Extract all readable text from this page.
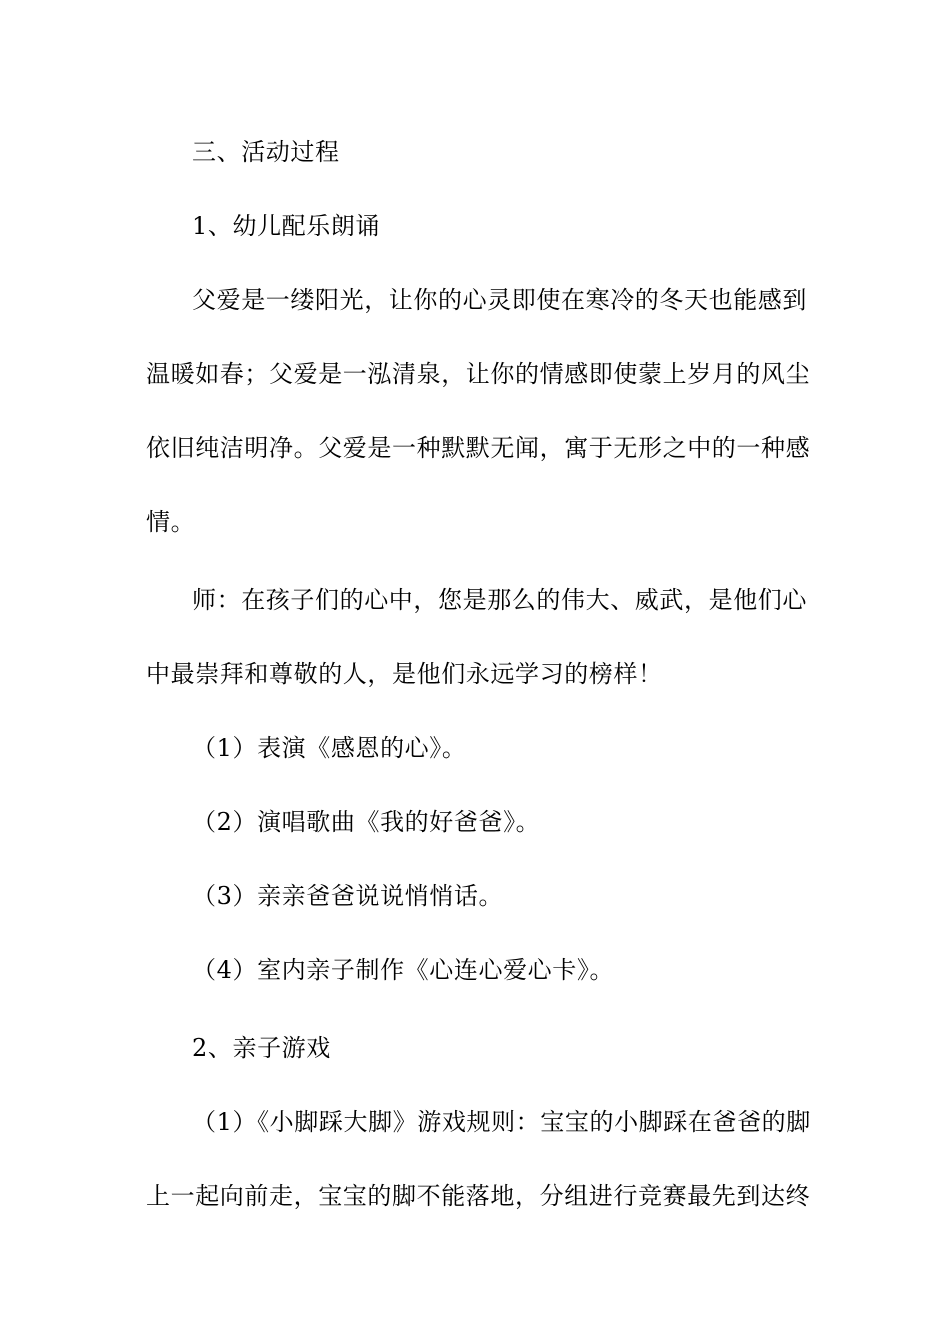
三、活动过程
1、幼儿配乐朗诵
父爱是一缕阳光，让你的心灵即使在寒冷的冬天也能感到
温暖如春；父爱是一泓清泉，让你的情感即使蒙上岁月的风尘
依旧纯洁明净。父爱是一种默默无闻，寓于无形之中的一种感
情。
师：在孩子们的心中，您是那么的伟大、威武，是他们心
中最崇拜和尊敬的人，是他们永远学习的榜样！
（1）表演《感恩的心》。
（2）演唱歌曲《我的好爸爸》。
（3）亲亲爸爸说说悄悄话。
（4）室内亲子制作《心连心爱心卡》。
2、亲子游戏
（1）《小脚踩大脚》游戏规则：宝宝的小脚踩在爸爸的脚
上一起向前走，宝宝的脚不能落地，分组进行竞赛最先到达终
